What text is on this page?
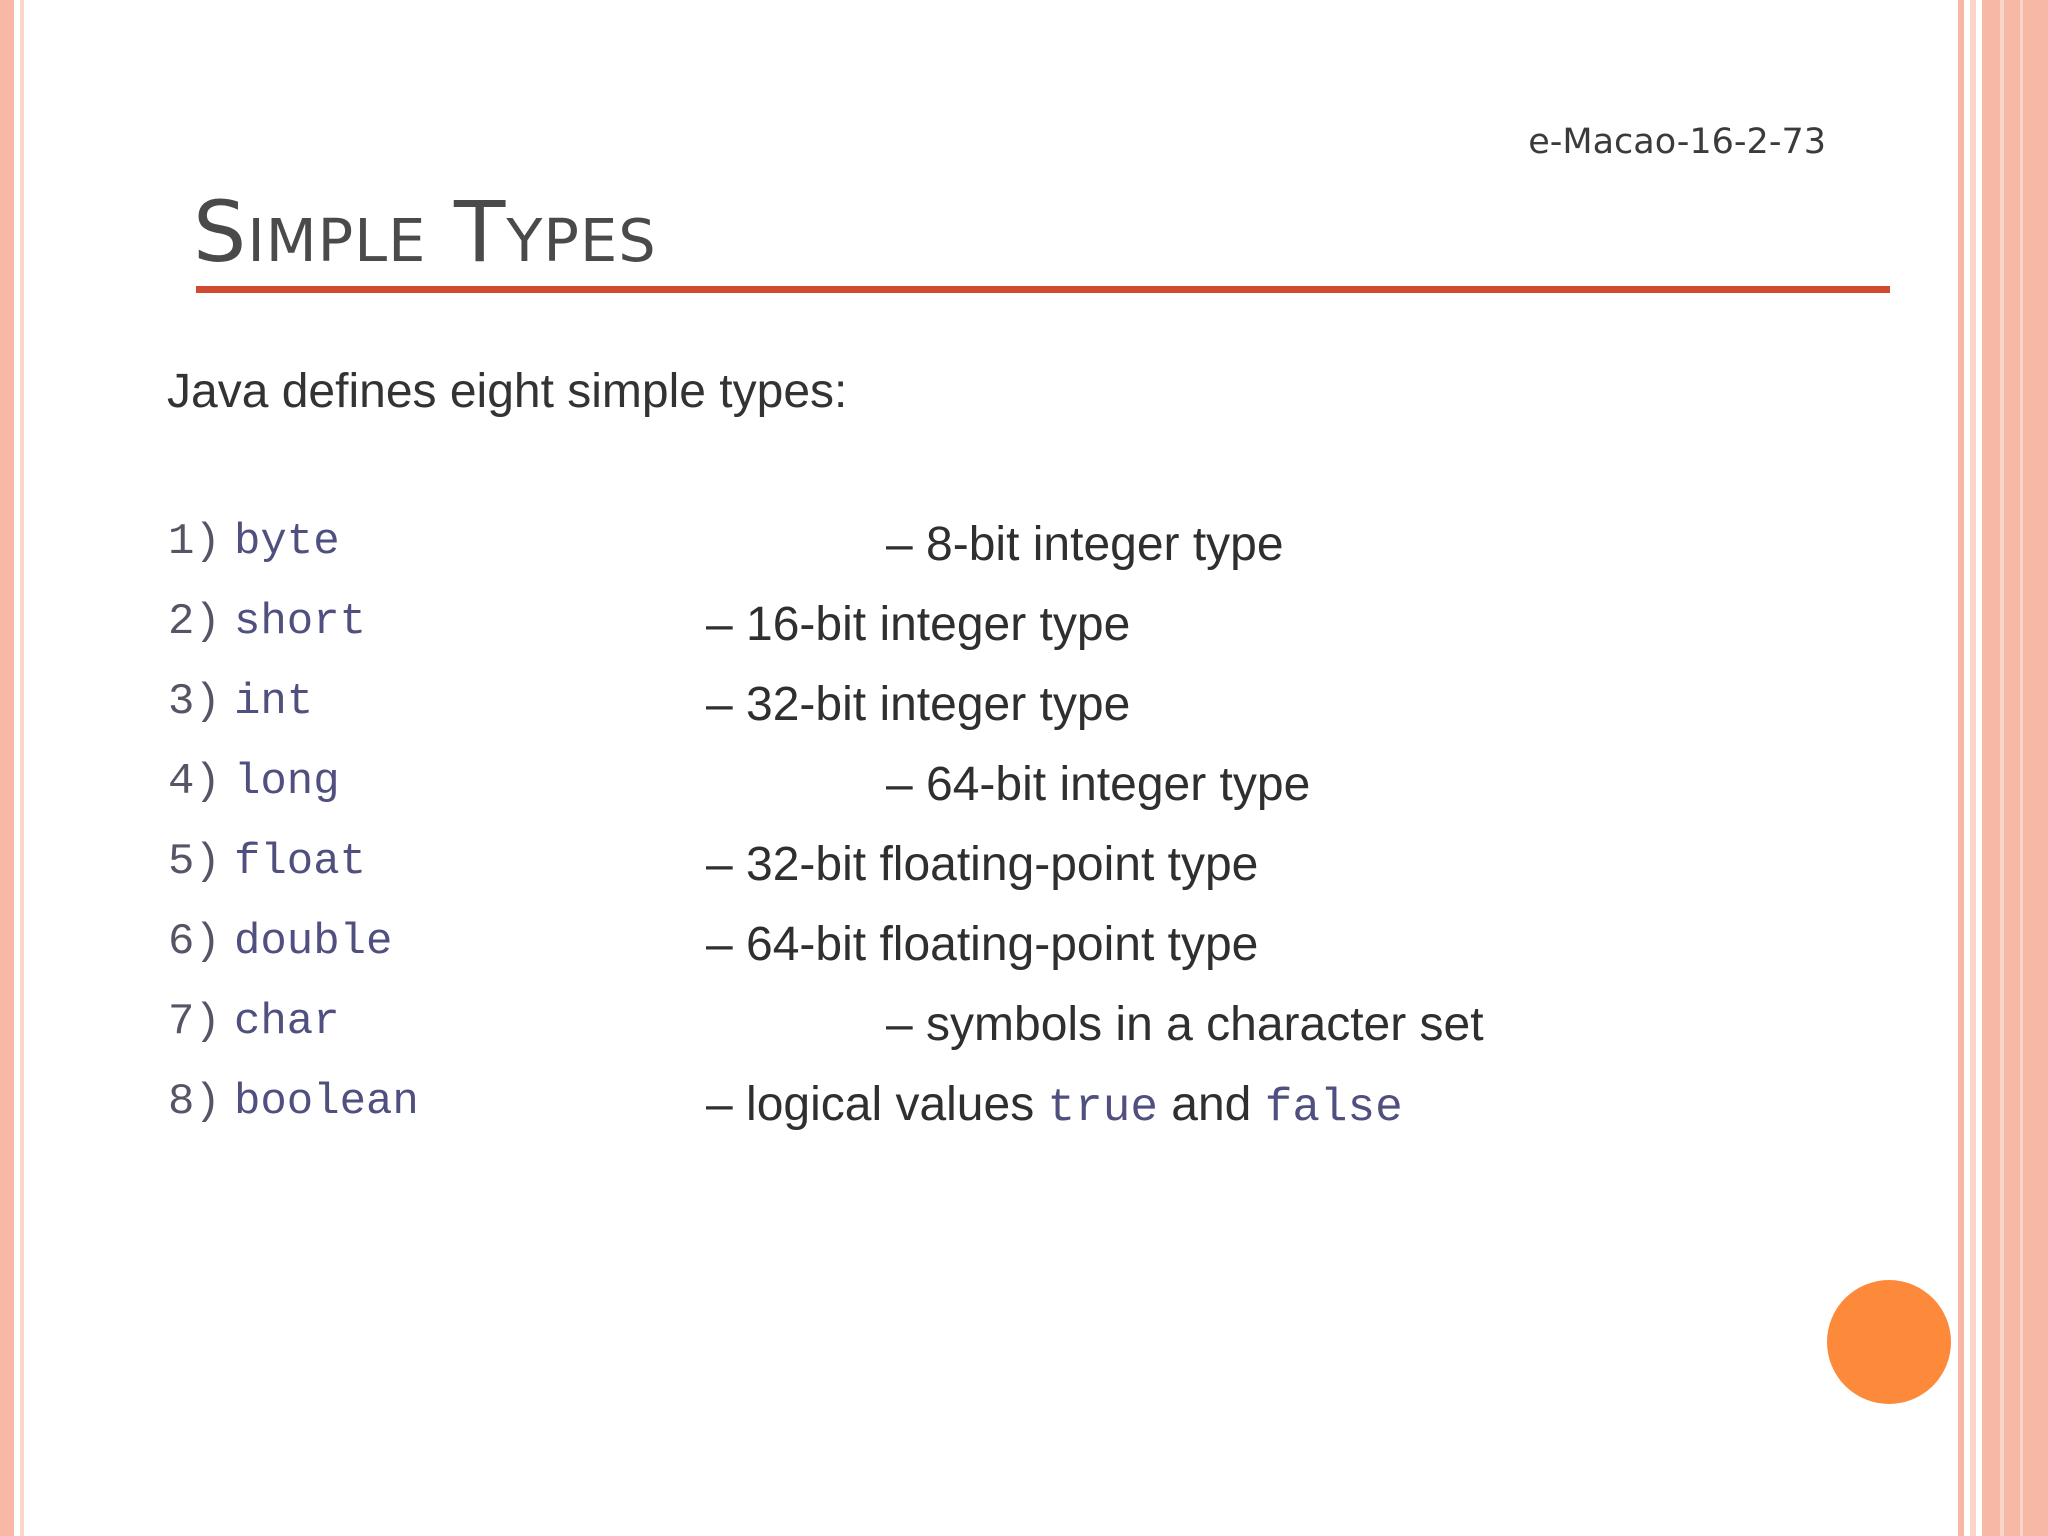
e-Macao-16-2-73
Simple Types
Java defines eight simple types:
1) byte	– 8-bit integer type
2) short	– 16-bit integer type
3) int	– 32-bit integer type
4) long	– 64-bit integer type
5) float	– 32-bit floating-point type
6) double	– 64-bit floating-point type
7) char	– symbols in a character set
8) boolean	– logical values true and false
